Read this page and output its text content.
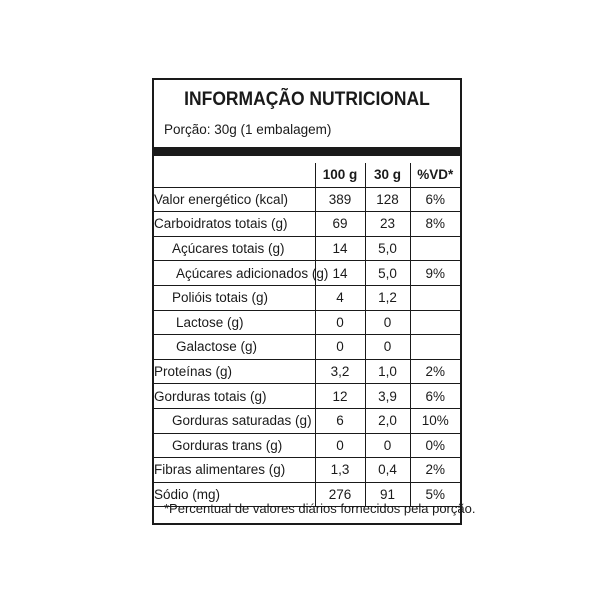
INFORMAÇÃO NUTRICIONAL
Porção: 30g (1 embalagem)
	100 g	30 g	%VD*
Valor energético (kcal)	389	128	6%
Carboidratos totais (g)	69	23	8%
Açúcares totais (g)	14	5,0	
Açúcares adicionados (g)	14	5,0	9%
Polióis totais (g)	4	1,2	
Lactose (g)	0	0	
Galactose (g)	0	0	
Proteínas (g)	3,2	1,0	2%
Gorduras totais (g)	12	3,9	6%
Gorduras saturadas (g)	6	2,0	10%
Gorduras trans (g)	0	0	0%
Fibras alimentares (g)	1,3	0,4	2%
Sódio (mg)	276	91	5%
*Percentual de valores diários fornecidos pela porção.
